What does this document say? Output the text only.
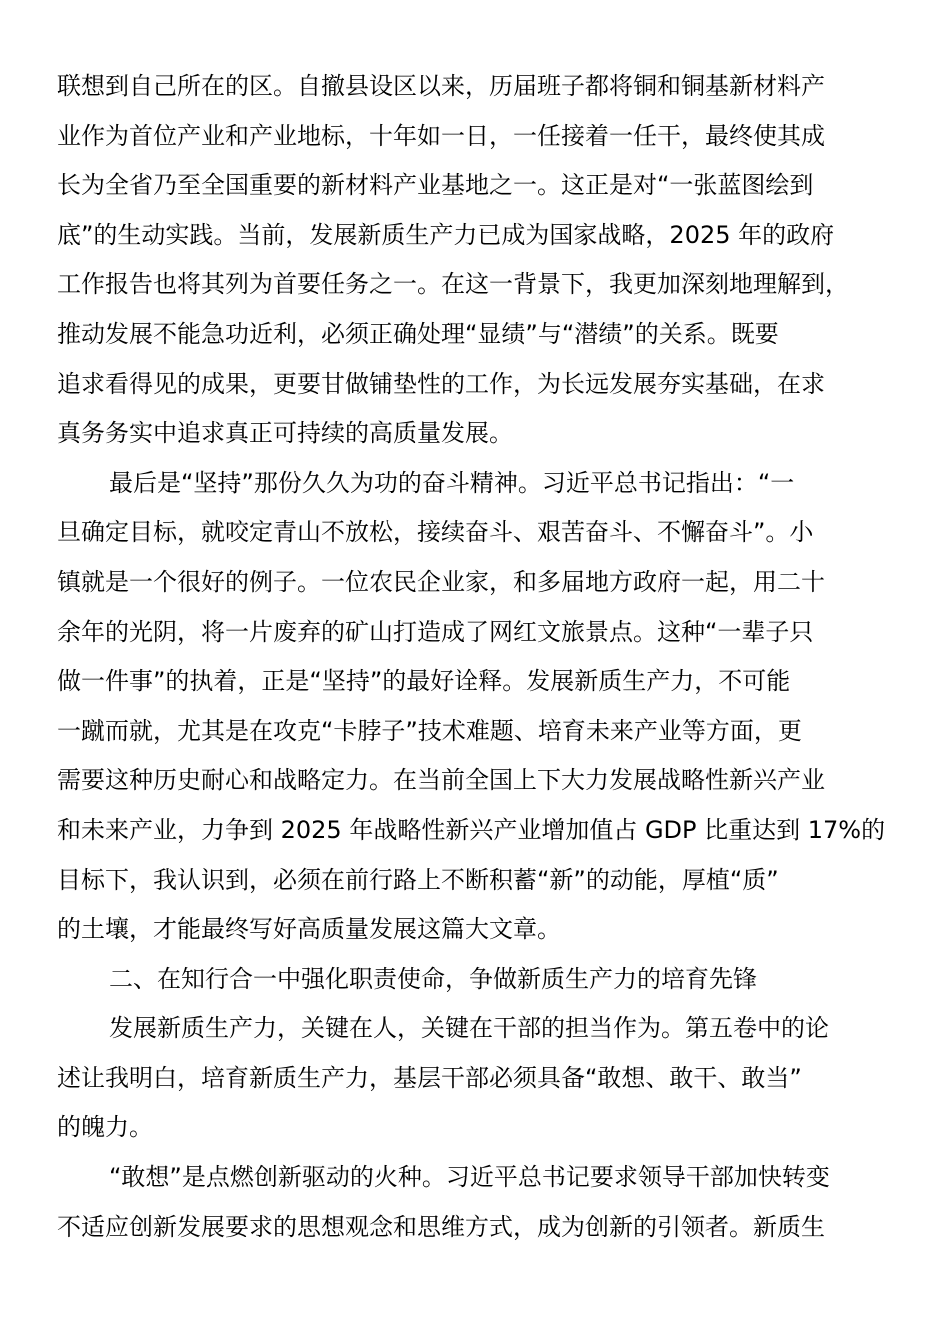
联想到自己所在的区。自撤县设区以来，历届班子都将铜和铜基新材料产
业作为首位产业和产业地标，十年如一日，一任接着一任干，最终使其成
长为全省乃至全国重要的新材料产业基地之一。这正是对“一张蓝图绘到
底”的生动实践。当前，发展新质生产力已成为国家战略，2025 年的政府
工作报告也将其列为首要任务之一。在这一背景下，我更加深刻地理解到，
推动发展不能急功近利，必须正确处理“显绩”与“潜绩”的关系。既要
追求看得见的成果，更要甘做铺垫性的工作，为长远发展夯实基础，在求
真务务实中追求真正可持续的高质量发展。
最后是“坚持”那份久久为功的奋斗精神。习近平总书记指出：“一
旦确定目标，就咬定青山不放松，接续奋斗、艰苦奋斗、不懈奋斗”。小
镇就是一个很好的例子。一位农民企业家，和多届地方政府一起，用二十
余年的光阴，将一片废弃的矿山打造成了网红文旅景点。这种“一辈子只
做一件事”的执着，正是“坚持”的最好诠释。发展新质生产力，不可能
一蹴而就，尤其是在攻克“卡脖子”技术难题、培育未来产业等方面，更
需要这种历史耐心和战略定力。在当前全国上下大力发展战略性新兴产业
和未来产业，力争到 2025 年战略性新兴产业增加值占 GDP 比重达到 17%的
目标下，我认识到，必须在前行路上不断积蓄“新”的动能，厚植“质”
的土壤，才能最终写好高质量发展这篇大文章。
二、在知行合一中强化职责使命，争做新质生产力的培育先锋
发展新质生产力，关键在人，关键在干部的担当作为。第五卷中的论
述让我明白，培育新质生产力，基层干部必须具备“敢想、敢干、敢当”
的魄力。
“敢想”是点燃创新驱动的火种。习近平总书记要求领导干部加快转变
不适应创新发展要求的思想观念和思维方式，成为创新的引领者。新质生
